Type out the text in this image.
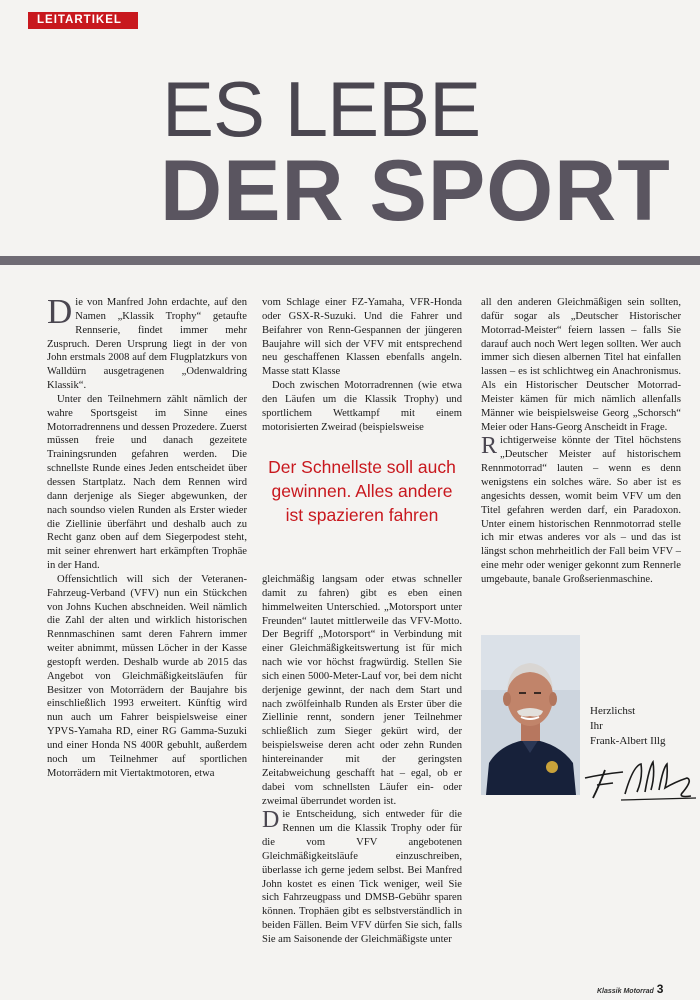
LEITARTIKEL
ES LEBE
DER SPORT

Die von Manfred John erdachte, auf den Namen „Klassik Trophy“ getaufte Rennserie, findet immer mehr Zuspruch. Deren Ursprung liegt in der von John erstmals 2008 auf dem Flugplatzkurs von Walldürn ausgetragenen „Odenwaldring Klassik“.

Unter den Teilnehmern zählt nämlich der wahre Sportsgeist im Sinne eines Motorradrennens und dessen Prozedere. Zuerst müssen freie und danach gezeitete Trainingsrunden gefahren werden. Die schnellste Runde eines Jeden entscheidet über dessen Startplatz. Nach dem Rennen wird dann derjenige als Sieger abgewunken, der nach soundso vielen Runden als Erster wieder die Ziellinie überfährt und deshalb auch zu Recht ganz oben auf dem Siegerpodest steht, mit seiner ehrenwert hart erkämpften Trophäe in der Hand.

Offensichtlich will sich der Veteranen-Fahrzeug-Verband (VFV) nun ein Stückchen von Johns Kuchen abschneiden. Weil nämlich die Zahl der alten und wirklich historischen Rennmaschinen samt deren Fahrern immer weiter abnimmt, müssen Löcher in der Kasse gestopft werden. Deshalb wurde ab 2015 das Angebot von Gleichmäßigkeitsläufen für Besitzer von Motorrädern der Baujahre bis einschließlich 1993 erweitert. Künftig wird nun auch um Fahrer beispielsweise einer YPVS-Yamaha RD, einer RG Gamma-Suzuki und einer Honda NS 400R gebuhlt, außerdem noch um Teilnehmer auf sportlichen Motorrädern mit Viertaktmotoren, etwa

vom Schlage einer FZ-Yamaha, VFR-Honda oder GSX-R-Suzuki. Und die Fahrer und Beifahrer von Renn-Gespannen der jüngeren Baujahre will sich der VFV mit entsprechend neu geschaffenen Klassen ebenfalls angeln. Masse statt Klasse

Doch zwischen Motorradrennen (wie etwa den Läufen um die Klassik Trophy) und sportlichem Wettkampf mit einem motorisierten Zweirad (beispielsweise

Der Schnellste soll auch gewinnen. Alles andere ist spazieren fahren

gleichmäßig langsam oder etwas schneller damit zu fahren) gibt es eben einen himmelweiten Unterschied. „Motorsport unter Freunden“ lautet mittlerweile das VFV-Motto. Der Begriff „Motorsport“ in Verbindung mit einer Gleichmäßigkeitswertung ist für mich nach wie vor höchst fragwürdig. Stellen Sie sich einen 5000-Meter-Lauf vor, bei dem nicht derjenige gewinnt, der nach dem Start und nach zwölfeinhalb Runden als Erster über die Ziellinie rennt, sondern jener Teilnehmer schließlich zum Sieger gekürt wird, der beispielsweise deren acht oder zehn Runden hintereinander mit der geringsten Zeitabweichung geschafft hat – egal, ob er dabei vom schnellsten Läufer ein- oder zweimal überrundet worden ist.

Die Entscheidung, sich entweder für die Rennen um die Klassik Trophy oder für die vom VFV angebotenen Gleichmäßigkeitsläufe einzuschreiben, überlasse ich gerne jedem selbst. Bei Manfred John kostet es einen Tick weniger, weil Sie sich Fahrzeugpass und DMSB-Gebühr sparen können. Trophäen gibt es selbstverständlich in beiden Fällen. Beim VFV dürfen Sie sich, falls Sie am Saisonende der Gleichmäßigste unter

all den anderen Gleichmäßigen sein sollten, dafür sogar als „Deutscher Historischer Motorrad-Meister“ feiern lassen – falls Sie darauf auch noch Wert legen sollten. Wer auch immer sich diesen albernen Titel hat einfallen lassen – es ist schlichtweg ein Anachronismus. Als ein Historischer Deutscher Motorrad-Meister kämen für mich nämlich allenfalls Männer wie beispielsweise Georg „Schorsch“ Meier oder Hans-Georg Anscheidt in Frage.

Richtigerweise könnte der Titel höchstens „Deutscher Meister auf historischem Rennmotorrad“ lauten – wenn es denn wenigstens ein solches wäre. So aber ist es angesichts dessen, womit beim VFV um den Titel gefahren werden darf, ein Paradoxon. Unter einem historischen Rennmotorrad stelle ich mir etwas anderes vor als – und das ist längst schon mehrheitlich der Fall beim VFV – eine mehr oder weniger gekonnt zum Rennerle umgebaute, banale Großserienmaschine.

Herzlichst
Ihr
Frank-Albert Illg
Klassik Motorrad 3
